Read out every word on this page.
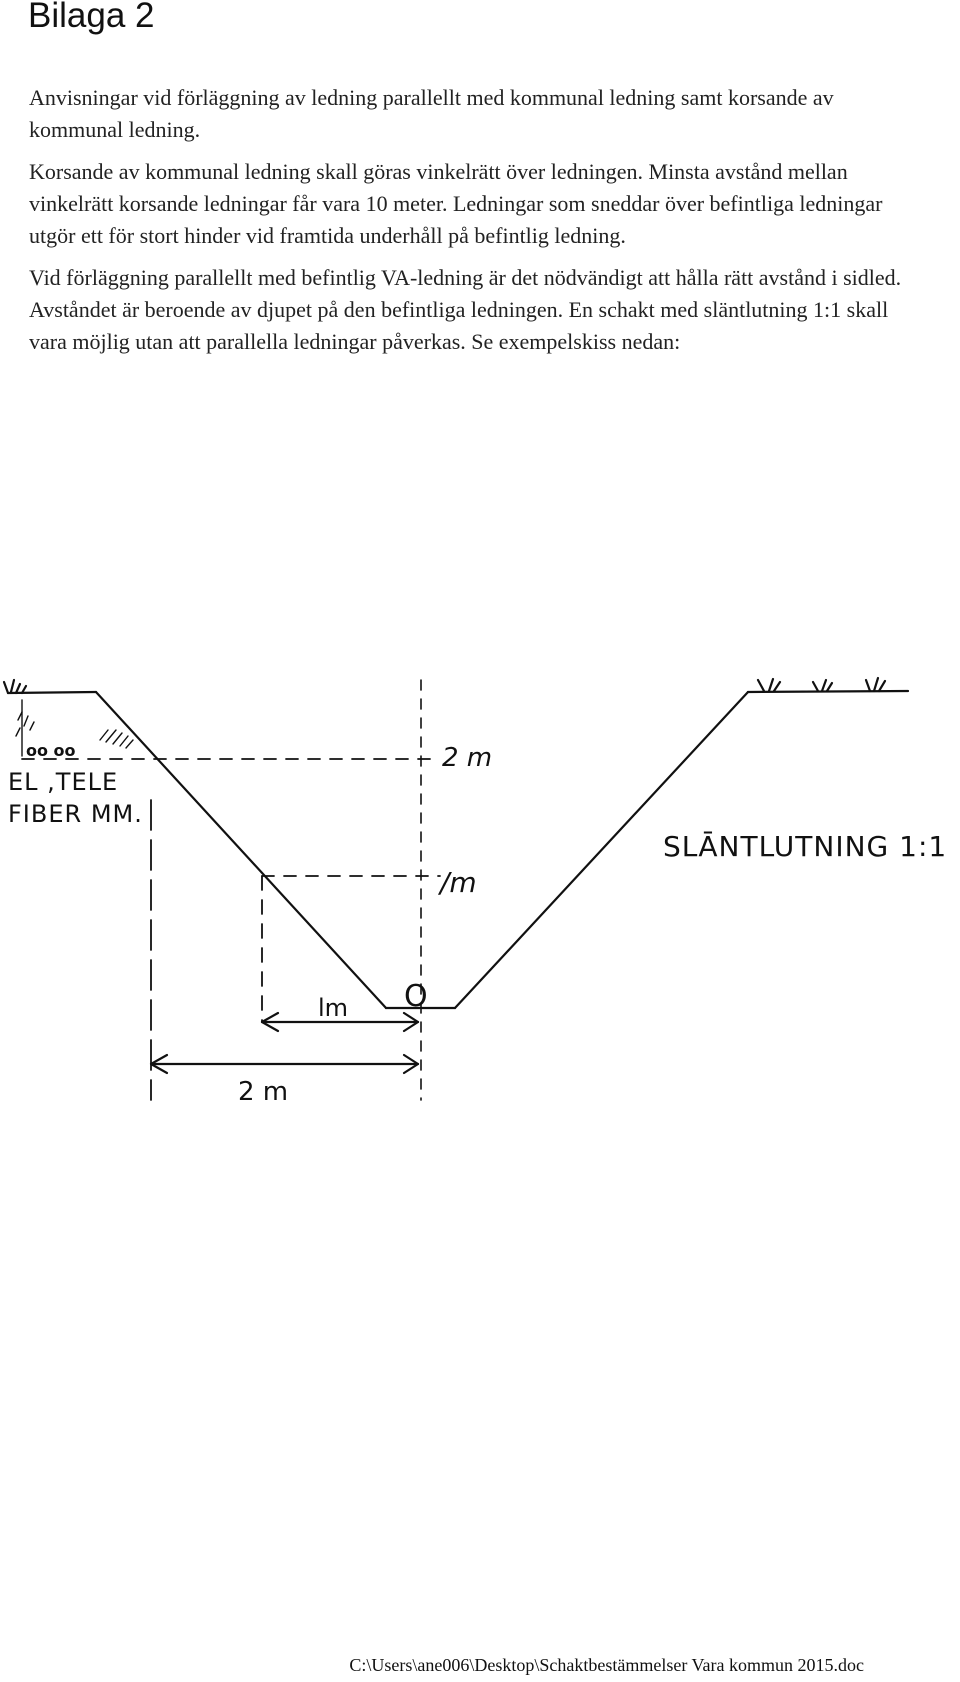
Bilaga 2

Anvisningar vid förläggning av ledning parallellt med kommunal ledning samt korsande av kommunal ledning.

Korsande av kommunal ledning skall göras vinkelrätt över ledningen. Minsta avstånd mellan vinkelrätt korsande ledningar får vara 10 meter. Ledningar som sneddar över befintliga ledningar utgör ett för stort hinder vid framtida underhåll på befintlig ledning.

Vid förläggning parallellt med befintlig VA-ledning är det nödvändigt att hålla rätt avstånd i sidled. Avståndet är beroende av djupet på den befintliga ledningen. En schakt med släntlutning 1:1 skall vara möjlig utan att parallella ledningar påverkas. Se exempelskiss nedan:

O
oo oo
EL ,TELE
FIBER MM.
2 m
/m
SLĀNTLUTNING 1:1
lm
2 m

C:\Users\ane006\Desktop\Schaktbestämmelser Vara kommun 2015.doc
